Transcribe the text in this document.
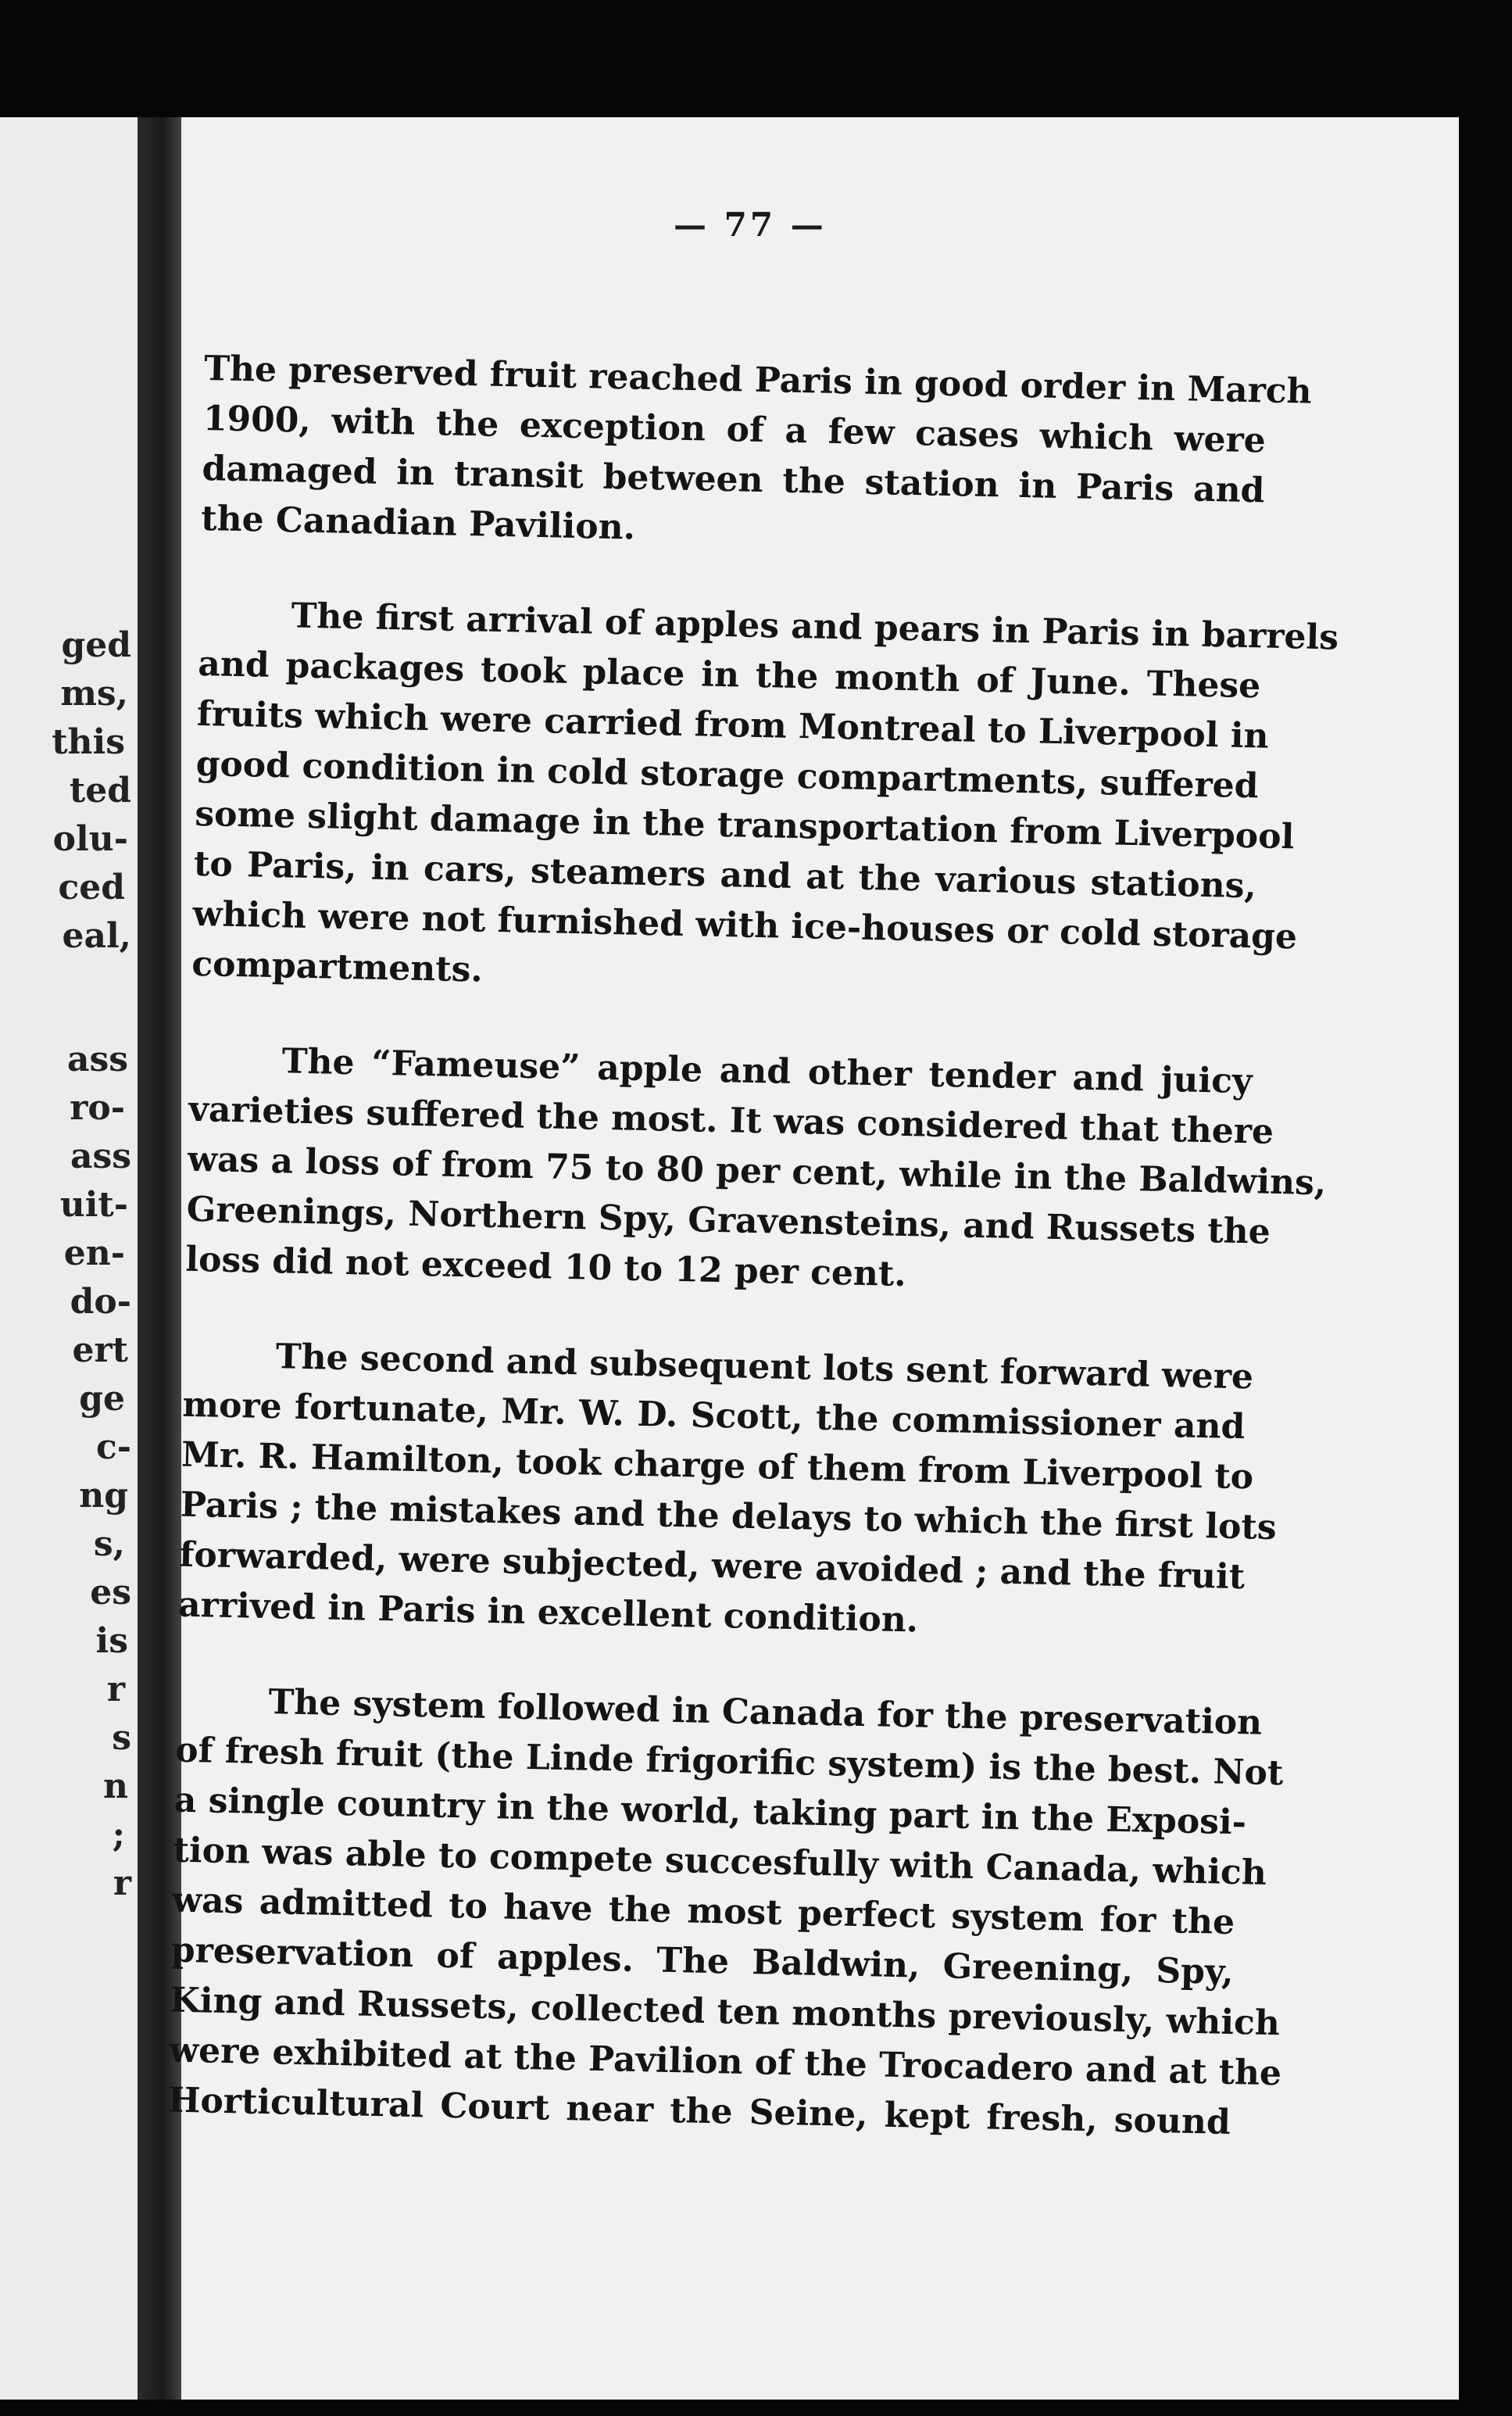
ged
ms,
this
ted
olu-
ced
eal,
ass
ro-
ass
uit-
en-
do-
ert
ge
c-
ng
s,
es
is
r
s
n
;
r
— 77 —

The preserved fruit reached Paris in good order in March
1900, with the exception of a few cases which were
damaged in transit between the station in Paris and
the Canadian Pavilion.

The first arrival of apples and pears in Paris in barrels
and packages took place in the month of June. These
fruits which were carried from Montreal to Liverpool in
good condition in cold storage compartments, suffered
some slight damage in the transportation from Liverpool
to Paris, in cars, steamers and at the various stations,
which were not furnished with ice-houses or cold storage
compartments.

The “Fameuse” apple and other tender and juicy
varieties suffered the most. It was considered that there
was a loss of from 75 to 80 per cent, while in the Baldwins,
Greenings, Northern Spy, Gravensteins, and Russets the
loss did not exceed 10 to 12 per cent.

The second and subsequent lots sent forward were
more fortunate, Mr. W. D. Scott, the commissioner and
Mr. R. Hamilton, took charge of them from Liverpool to
Paris ; the mistakes and the delays to which the first lots
forwarded, were subjected, were avoided ; and the fruit
arrived in Paris in excellent condition.

The system followed in Canada for the preservation
of fresh fruit (the Linde frigorific system) is the best. Not
a single country in the world, taking part in the Exposi-
tion was able to compete succesfully with Canada, which
was admitted to have the most perfect system for the
preservation of apples. The Baldwin, Greening, Spy,
King and Russets, collected ten months previously, which
were exhibited at the Pavilion of the Trocadero and at the
Horticultural Court near the Seine, kept fresh, sound
